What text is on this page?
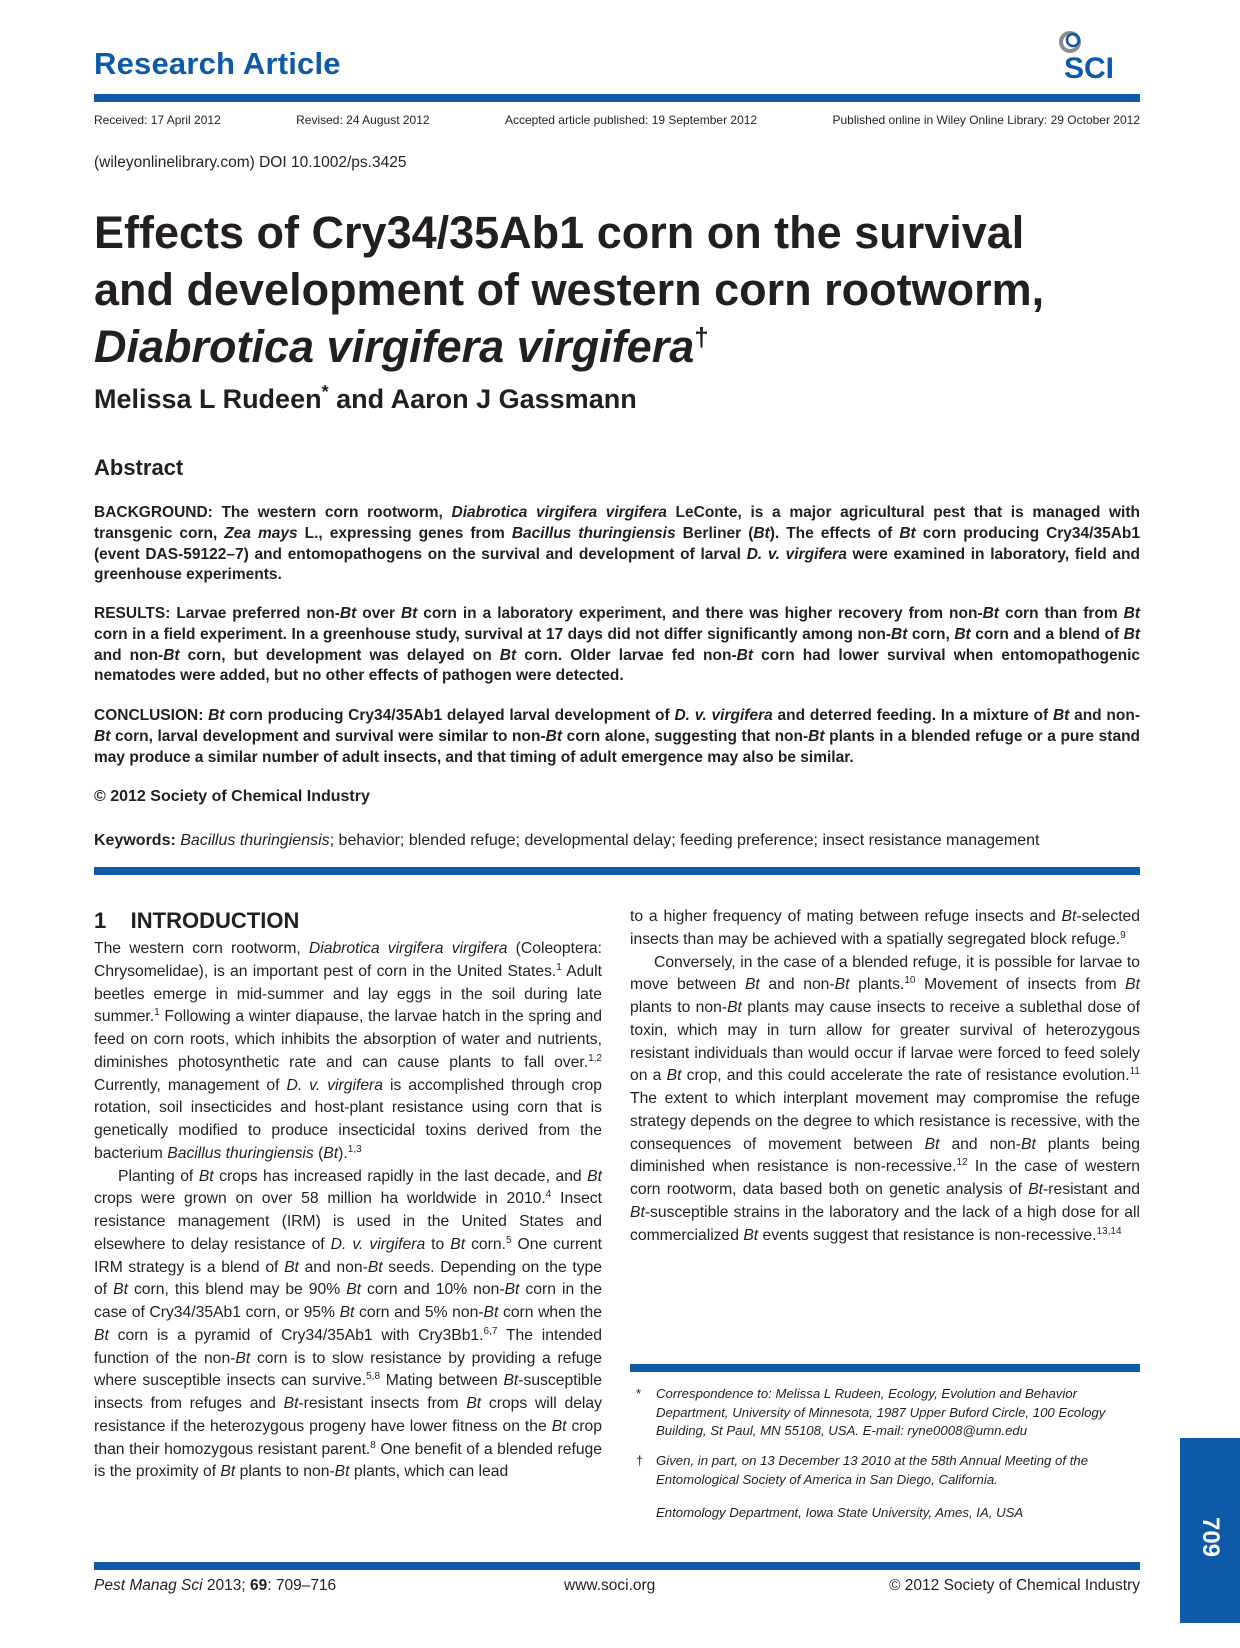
Research Article	SCI
Received: 17 April 2012	Revised: 24 August 2012	Accepted article published: 19 September 2012	Published online in Wiley Online Library: 29 October 2012
(wileyonlinelibrary.com) DOI 10.1002/ps.3425
Effects of Cry34/35Ab1 corn on the survival
and development of western corn rootworm,
Diabrotica virgifera virgifera†
Melissa L Rudeen* and Aaron J Gassmann
Abstract

BACKGROUND: The western corn rootworm, Diabrotica virgifera virgifera LeConte, is a major agricultural pest that is managed with transgenic corn, Zea mays L., expressing genes from Bacillus thuringiensis Berliner (Bt). The effects of Bt corn producing Cry34/35Ab1 (event DAS-59122–7) and entomopathogens on the survival and development of larval D. v. virgifera were examined in laboratory, field and greenhouse experiments.

RESULTS: Larvae preferred non-Bt over Bt corn in a laboratory experiment, and there was higher recovery from non-Bt corn than from Bt corn in a field experiment. In a greenhouse study, survival at 17 days did not differ significantly among non-Bt corn, Bt corn and a blend of Bt and non-Bt corn, but development was delayed on Bt corn. Older larvae fed non-Bt corn had lower survival when entomopathogenic nematodes were added, but no other effects of pathogen were detected.

CONCLUSION: Bt corn producing Cry34/35Ab1 delayed larval development of D. v. virgifera and deterred feeding. In a mixture of Bt and non-Bt corn, larval development and survival were similar to non-Bt corn alone, suggesting that non-Bt plants in a blended refuge or a pure stand may produce a similar number of adult insects, and that timing of adult emergence may also be similar.

© 2012 Society of Chemical Industry
Keywords: Bacillus thuringiensis; behavior; blended refuge; developmental delay; feeding preference; insect resistance management
1    INTRODUCTION

The western corn rootworm, Diabrotica virgifera virgifera (Coleoptera: Chrysomelidae), is an important pest of corn in the United States.$^1$ Adult beetles emerge in mid-summer and lay eggs in the soil during late summer.$^1$ Following a winter diapause, the larvae hatch in the spring and feed on corn roots, which inhibits the absorption of water and nutrients, diminishes photosynthetic rate and can cause plants to fall over.$^{1,2}$ Currently, management of D. v. virgifera is accomplished through crop rotation, soil insecticides and host-plant resistance using corn that is genetically modified to produce insecticidal toxins derived from the bacterium Bacillus thuringiensis (Bt).$^{1,3}$

Planting of Bt crops has increased rapidly in the last decade, and Bt crops were grown on over 58 million ha worldwide in 2010.$^4$ Insect resistance management (IRM) is used in the United States and elsewhere to delay resistance of D. v. virgifera to Bt corn.$^5$ One current IRM strategy is a blend of Bt and non-Bt seeds. Depending on the type of Bt corn, this blend may be 90% Bt corn and 10% non-Bt corn in the case of Cry34/35Ab1 corn, or 95% Bt corn and 5% non-Bt corn when the Bt corn is a pyramid of Cry34/35Ab1 with Cry3Bb1.$^{6,7}$ The intended function of the non-Bt corn is to slow resistance by providing a refuge where susceptible insects can survive.$^{5,8}$ Mating between Bt-susceptible insects from refuges and Bt-resistant insects from Bt crops will delay resistance if the heterozygous progeny have lower fitness on the Bt crop than their homozygous resistant parent.$^8$ One benefit of a blended refuge is the proximity of Bt plants to non-Bt plants, which can lead

to a higher frequency of mating between refuge insects and Bt-selected insects than may be achieved with a spatially segregated block refuge.$^9$

Conversely, in the case of a blended refuge, it is possible for larvae to move between Bt and non-Bt plants.$^{10}$ Movement of insects from Bt plants to non-Bt plants may cause insects to receive a sublethal dose of toxin, which may in turn allow for greater survival of heterozygous resistant individuals than would occur if larvae were forced to feed solely on a Bt crop, and this could accelerate the rate of resistance evolution.$^{11}$ The extent to which interplant movement may compromise the refuge strategy depends on the degree to which resistance is recessive, with the consequences of movement between Bt and non-Bt plants being diminished when resistance is non-recessive.$^{12}$ In the case of western corn rootworm, data based both on genetic analysis of Bt-resistant and Bt-susceptible strains in the laboratory and the lack of a high dose for all commercialized Bt events suggest that resistance is non-recessive.$^{13,14}$

* Correspondence to: Melissa L Rudeen, Ecology, Evolution and Behavior Department, University of Minnesota, 1987 Upper Buford Circle, 100 Ecology Building, St Paul, MN 55108, USA. E-mail: ryne0008@umn.edu
† Given, in part, on 13 December 13 2010 at the 58th Annual Meeting of the Entomological Society of America in San Diego, California.
Entomology Department, Iowa State University, Ames, IA, USA
709
Pest Manag Sci 2013; 69: 709–716	www.soci.org	© 2012 Society of Chemical Industry
